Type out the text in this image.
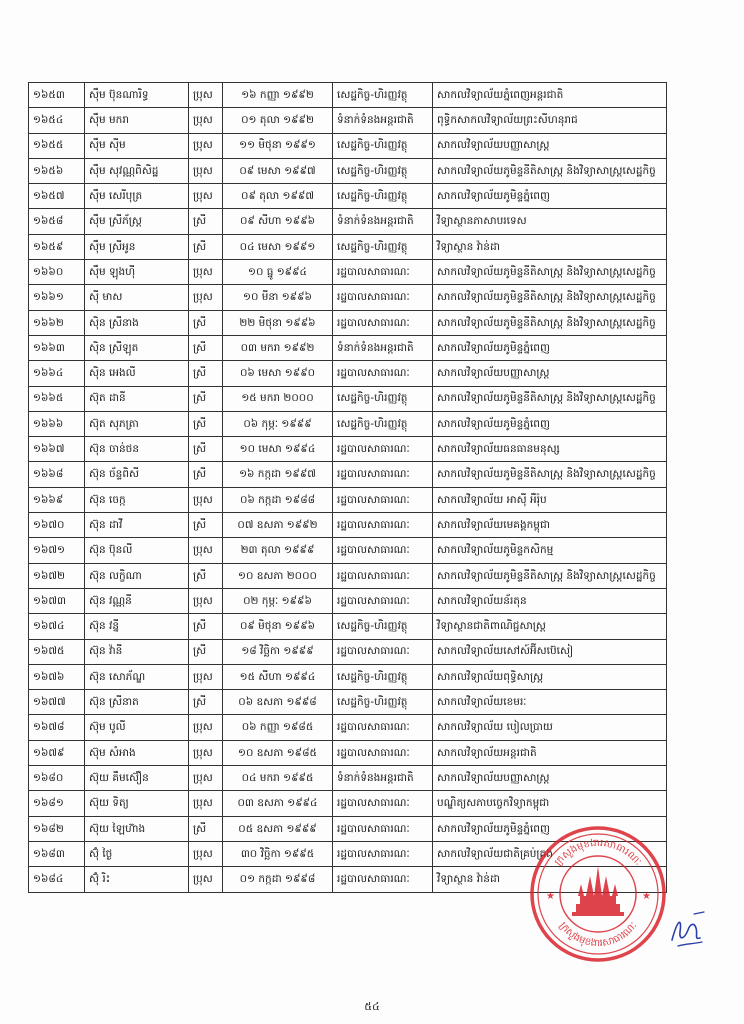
១៦៥៣	ស៊ឹម ប៊ុនណារិទ្ធ	ប្រុស	១៦ កញ្ញា ១៩៩២	សេដ្ឋកិច្ច-ហិរញ្ញវត្ថុ	សាកលវិទ្យាល័យភ្នំពេញអន្តរជាតិ
១៦៥៤	ស៊ឹម មករា	ប្រុស	០១ តុលា ១៩៩២	ទំនាក់ទំនងអន្តរជាតិ	ពុទ្ធិកសាកលវិទ្យាល័យព្រះសីហនុរាជ
១៦៥៥	ស៊ឹម ស៊ីម	ប្រុស	១១ មិថុនា ១៩៩១	សេដ្ឋកិច្ច-ហិរញ្ញវត្ថុ	សាកលវិទ្យាល័យបញ្ញាសាស្ត្រ
១៦៥៦	ស៊ឹម សុវណ្ណពិសិដ្ឋ	ប្រុស	០៩ មេសា ១៩៩៧	សេដ្ឋកិច្ច-ហិរញ្ញវត្ថុ	សាកលវិទ្យាល័យភូមិន្ទនីតិសាស្ត្រ និងវិទ្យាសាស្ត្រសេដ្ឋកិច្ច
១៦៥៧	ស៊ឹម សេរីបុត្រ	ប្រុស	០៩ តុលា ១៩៩៧	សេដ្ឋកិច្ច-ហិរញ្ញវត្ថុ	សាកលវិទ្យាល័យភូមិន្ទភ្នំពេញ
១៦៥៨	ស៊ឹម ស្រីភ័ស្ត្រ	ស្រី	០៩ សីហា ១៩៩៦	ទំនាក់ទំនងអន្តរជាតិ	វិទ្យាស្ថានភាសាបរទេស
១៦៥៩	ស៊ឹម ស្រីអូន	ស្រី	០៤ មេសា ១៩៩១	សេដ្ឋកិច្ច-ហិរញ្ញវត្ថុ	វិទ្យាស្ថាន វ៉ាន់ដា
១៦៦០	ស៊ឹម ឡុងហ៊ី	ប្រុស	១០ ធ្នូ ១៩៩៤	រដ្ឋបាលសាធារណៈ	សាកលវិទ្យាល័យភូមិន្ទនីតិសាស្ត្រ និងវិទ្យាសាស្ត្រសេដ្ឋកិច្ច
១៦៦១	ស៊ី មាស	ប្រុស	១០ មីនា ១៩៩៦	រដ្ឋបាលសាធារណៈ	សាកលវិទ្យាល័យភូមិន្ទនីតិសាស្ត្រ និងវិទ្យាសាស្ត្រសេដ្ឋកិច្ច
១៦៦២	ស៊ិន ស្រីនាង	ស្រី	២២ មិថុនា ១៩៩៦	រដ្ឋបាលសាធារណៈ	សាកលវិទ្យាល័យភូមិន្ទនីតិសាស្ត្រ និងវិទ្យាសាស្ត្រសេដ្ឋកិច្ច
១៦៦៣	ស៊ិន ស្រីឡុត	ស្រី	០៣ មករា ១៩៩២	ទំនាក់ទំនងអន្តរជាតិ	សាកលវិទ្យាល័យភូមិន្ទភ្នំពេញ
១៦៦៤	ស៊ិន អេងលី	ស្រី	០៦ មេសា ១៩៩០	រដ្ឋបាលសាធារណៈ	សាកលវិទ្យាល័យបញ្ញាសាស្ត្រ
១៦៦៥	ស៊ុត ដានី	ស្រី	១៥ មករា ២០០០	សេដ្ឋកិច្ច-ហិរញ្ញវត្ថុ	សាកលវិទ្យាល័យភូមិន្ទនីតិសាស្ត្រ និងវិទ្យាសាស្ត្រសេដ្ឋកិច្ច
១៦៦៦	ស៊ុត សុភត្រា	ស្រី	០៦ កុម្ភៈ ១៩៩៩	សេដ្ឋកិច្ច-ហិរញ្ញវត្ថុ	សាកលវិទ្យាល័យភូមិន្ទភ្នំពេញ
១៦៦៧	ស៊ុន ចាន់ថន	ស្រី	១០ មេសា ១៩៩៤	រដ្ឋបាលសាធារណៈ	សាកលវិទ្យាល័យធនធានមនុស្ស
១៦៦៨	ស៊ុន ច័ន្ទពិសី	ស្រី	១៦ កក្កដា ១៩៩៧	រដ្ឋបាលសាធារណៈ	សាកលវិទ្យាល័យភូមិន្ទនីតិសាស្ត្រ និងវិទ្យាសាស្ត្រសេដ្ឋកិច្ច
១៦៦៩	ស៊ុន ចេក្ក	ប្រុស	០៦ កក្កដា ១៩៨៨	រដ្ឋបាលសាធារណៈ	សាកលវិទ្យាល័យ អាស៊ី អឺរ៉ុប
១៦៧០	ស៊ុន ដាវី	ស្រី	០៧ ឧសភា ១៩៩២	រដ្ឋបាលសាធារណៈ	សាកលវិទ្យាល័យមេគង្គកម្ពុជា
១៦៧១	ស៊ុន ប៊ុនលី	ប្រុស	២៣ តុលា ១៩៩៩	រដ្ឋបាលសាធារណៈ	សាកលវិទ្យាល័យភូមិន្ទកសិកម្ម
១៦៧២	ស៊ុន លក្ខិណា	ស្រី	១០ ឧសភា ២០០០	រដ្ឋបាលសាធារណៈ	សាកលវិទ្យាល័យភូមិន្ទនីតិសាស្ត្រ និងវិទ្យាសាស្ត្រសេដ្ឋកិច្ច
១៦៧៣	ស៊ុន វណ្ណនី	ប្រុស	០២ កុម្ភៈ ១៩៩៦	រដ្ឋបាលសាធារណៈ	សាកលវិទ្យាល័យន័រតុន
១៦៧៤	ស៊ុន វន្នី	ស្រី	០៩ មិថុនា ១៩៩៦	សេដ្ឋកិច្ច-ហិរញ្ញវត្ថុ	វិទ្យាស្ថានជាតិពាណិជ្ជសាស្ត្រ
១៦៧៥	ស៊ុន វ៉ានី	ស្រី	១៨ វិច្ឆិកា ១៩៩៩	រដ្ឋបាលសាធារណៈ	សាកលវិទ្យាល័យសៅស៍អ៊ីសប៊េសៀ
១៦៧៦	ស៊ុន សោភ័ណ្ឌ	ប្រុស	១៥ សីហា ១៩៩៤	សេដ្ឋកិច្ច-ហិរញ្ញវត្ថុ	សាកលវិទ្យាល័យពុទ្ធិសាស្ត្រ
១៦៧៧	ស៊ុន ស្រីនាត	ស្រី	០៦ ឧសភា ១៩៩៨	សេដ្ឋកិច្ច-ហិរញ្ញវត្ថុ	សាកលវិទ្យាល័យខេមរៈ
១៦៧៨	ស៊ុម បូលី	ប្រុស	០៦ កញ្ញា ១៩៨៥	រដ្ឋបាលសាធារណៈ	សាកលវិទ្យាល័យ បៀលប្រាយ
១៦៧៩	ស៊ុម សំអាង	ប្រុស	១០ ឧសភា ១៩៨៥	រដ្ឋបាលសាធារណៈ	សាកលវិទ្យាល័យអន្តរជាតិ
១៦៨០	ស៊ុយ គឹមស៊ឿន	ប្រុស	០៤ មករា ១៩៩៥	ទំនាក់ទំនងអន្តរជាតិ	សាកលវិទ្យាល័យបញ្ញាសាស្ត្រ
១៦៨១	ស៊ុយ ទិត្យ	ប្រុស	០៣ ឧសភា ១៩៩៤	រដ្ឋបាលសាធារណៈ	បណ្ឌិត្យសភាបច្ចេកវិទ្យាកម្ពុជា
១៦៨២	ស៊ុយ ឡៃហ៊ាង	ស្រី	០៥ ឧសភា ១៩៩៩	រដ្ឋបាលសាធារណៈ	សាកលវិទ្យាល័យភូមិន្ទភ្នំពេញ
១៦៨៣	ស៊ុំ ថ្ងៃ	ប្រុស	៣០ វិច្ឆិកា ១៩៩៥	រដ្ឋបាលសាធារណៈ	សាកលវិទ្យាល័យជាតិគ្រប់គ្រង
១៦៨៤	ស៊ុំ រិះ	ប្រុស	០១ កក្កដា ១៩៩៨	រដ្ឋបាលសាធារណៈ	វិទ្យាស្ថាន វ៉ាន់ដា
★	★
ក្រសួងមុខងារសាធារណៈ
ក្រសួងមុខងារសាធារណៈ
៥៤
